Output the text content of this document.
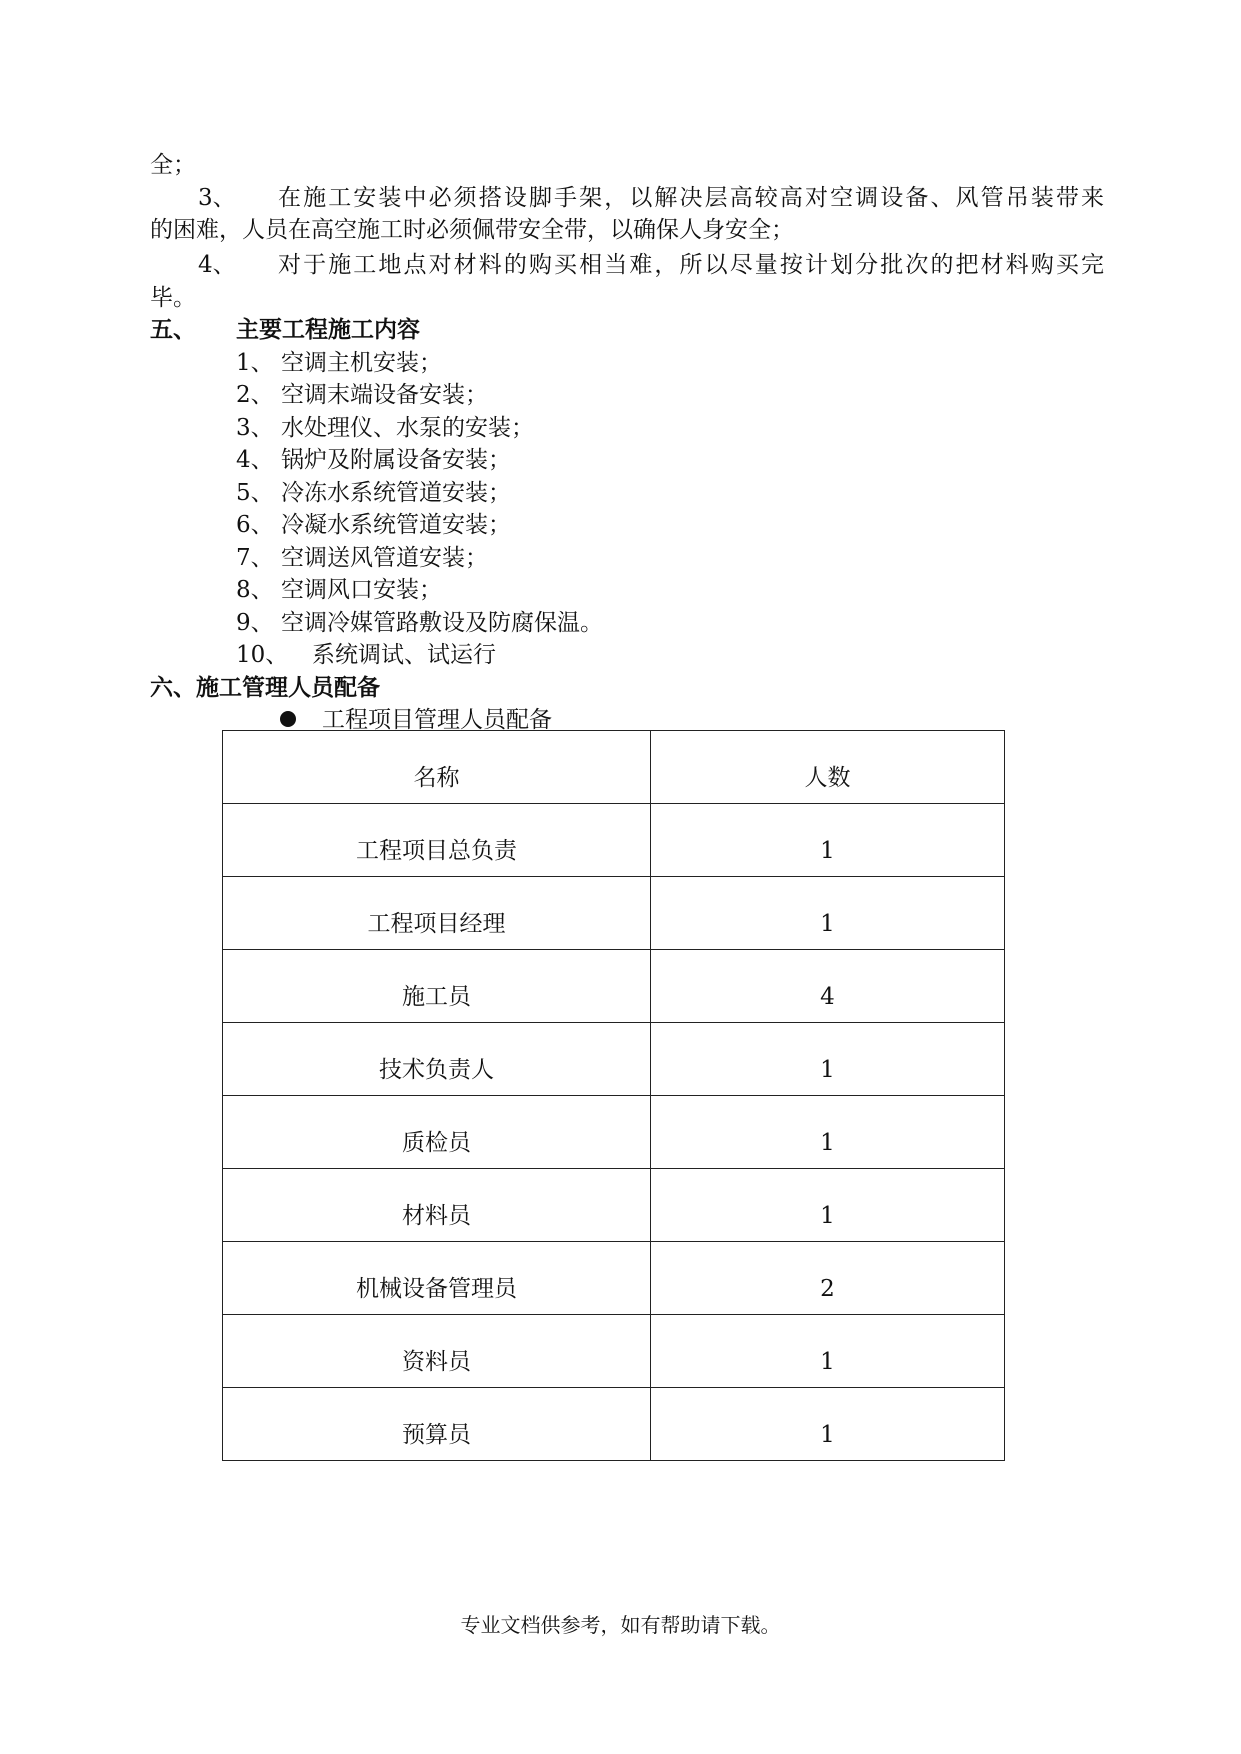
全；
3、 在施工安装中必须搭设脚手架，以解决层高较高对空调设备、风管吊装带来
的困难，人员在高空施工时必须佩带安全带，以确保人身安全；
4、 对于施工地点对材料的购买相当难，所以尽量按计划分批次的把材料购买完
毕。
五、 主要工程施工内容
1、 空调主机安装；
2、 空调末端设备安装；
3、 水处理仪、水泵的安装；
4、 锅炉及附属设备安装；
5、 冷冻水系统管道安装；
6、 冷凝水系统管道安装；
7、 空调送风管道安装；
8、 空调风口安装；
9、 空调冷媒管路敷设及防腐保温。
10、 系统调试、试运行
六、施工管理人员配备
工程项目管理人员配备
名称	人数
工程项目总负责	1
工程项目经理	1
施工员	4
技术负责人	1
质检员	1
材料员	1
机械设备管理员	2
资料员	1
预算员	1
专业文档供参考，如有帮助请下载。
